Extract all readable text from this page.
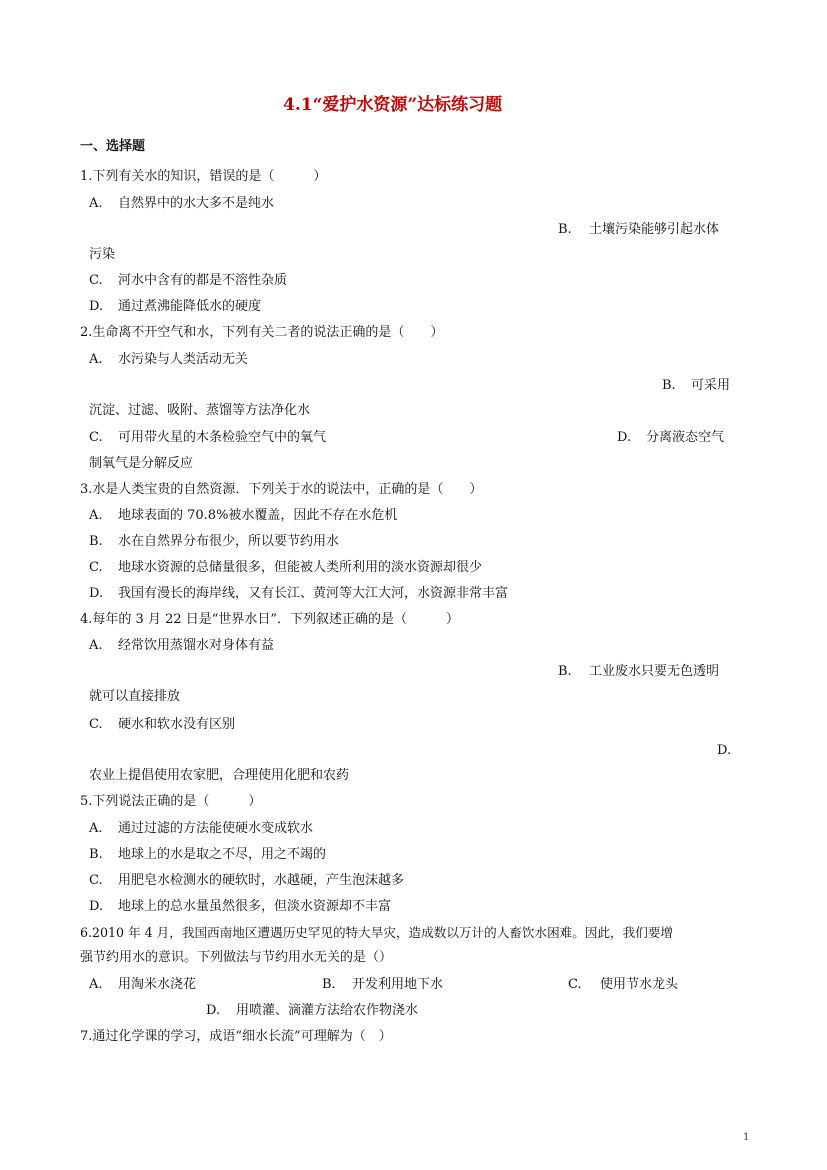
4.1“爱护水资源”达标练习题
一、选择题
1.下列有关水的知识，错误的是（　　　）
A. 自然界中的水大多不是纯水
B. 土壤污染能够引起水体
污染
C. 河水中含有的都是不溶性杂质
D. 通过煮沸能降低水的硬度
2.生命离不开空气和水，下列有关二者的说法正确的是（　　）
A. 水污染与人类活动无关
B. 可采用
沉淀、过滤、吸附、蒸馏等方法净化水
C. 可用带火星的木条检验空气中的氧气	D. 分离液态空气
制氧气是分解反应
3.水是人类宝贵的自然资源．下列关于水的说法中，正确的是（　　）
A. 地球表面的 70.8%被水覆盖，因此不存在水危机
B. 水在自然界分布很少，所以要节约用水
C. 地球水资源的总储量很多，但能被人类所利用的淡水资源却很少
D. 我国有漫长的海岸线，又有长江、黄河等大江大河，水资源非常丰富
4.每年的 3 月 22 日是“世界水日”．下列叙述正确的是（　　　）
A. 经常饮用蒸馏水对身体有益
B. 工业废水只要无色透明
就可以直接排放
C. 硬水和软水没有区别
D.
农业上提倡使用农家肥，合理使用化肥和农药
5.下列说法正确的是（　　　）
A. 通过过滤的方法能使硬水变成软水
B. 地球上的水是取之不尽，用之不竭的
C. 用肥皂水检测水的硬软时，水越硬，产生泡沫越多
D. 地球上的总水量虽然很多，但淡水资源却不丰富
6.2010 年 4 月，我国西南地区遭遇历史罕见的特大旱灾，造成数以万计的人畜饮水困难。因此，我们要增
强节约用水的意识。下列做法与节约用水无关的是（）
A. 用淘米水浇花	B. 开发利用地下水	C. 使用节水龙头
D. 用喷灌、滴灌方法给农作物浇水
7.通过化学课的学习，成语“细水长流”可理解为（　）
1
